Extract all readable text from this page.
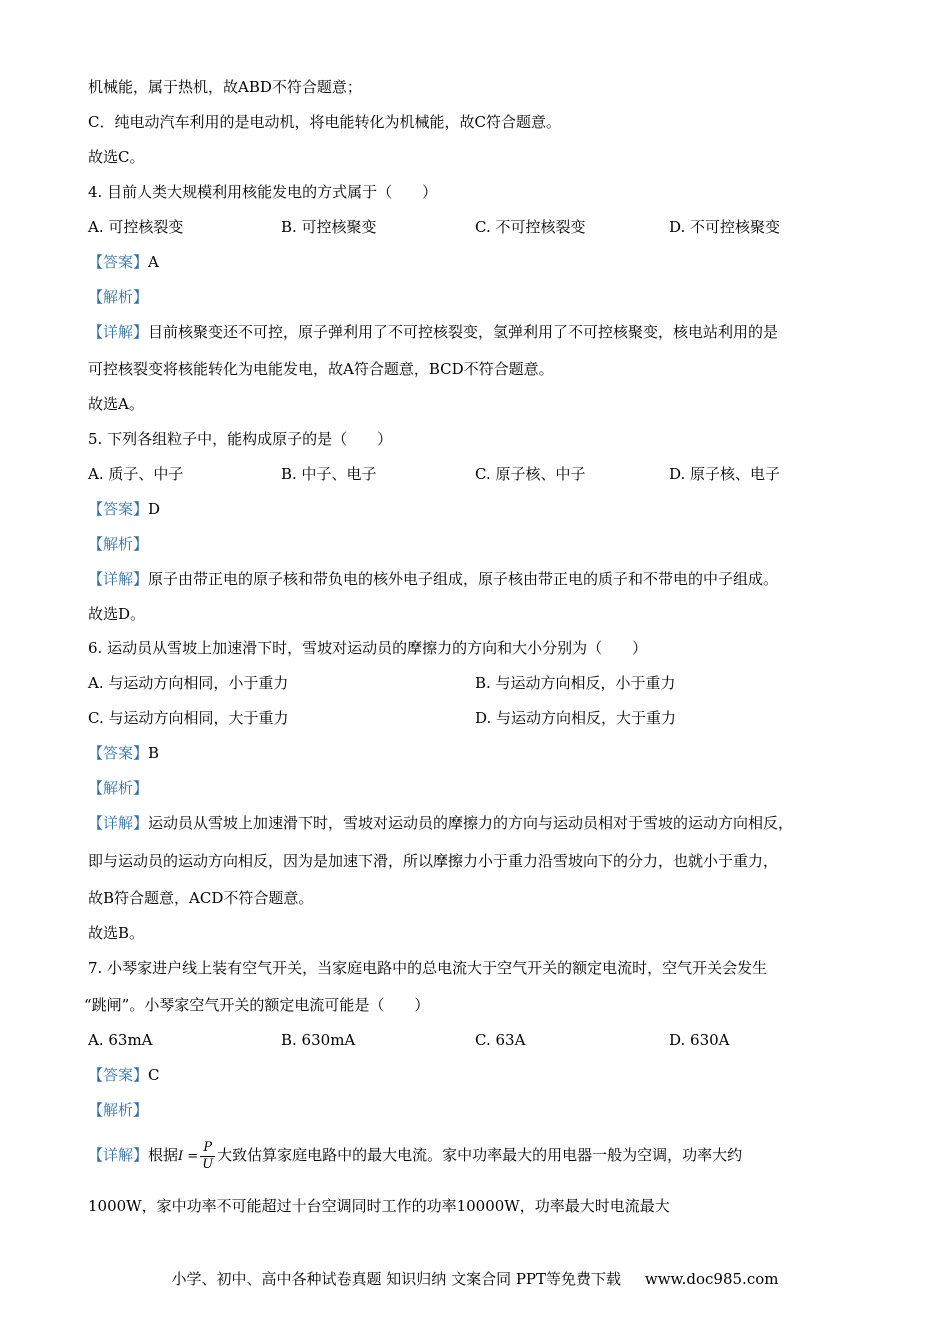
机械能，属于热机，故ABD不符合题意；
C．纯电动汽车利用的是电动机，将电能转化为机械能，故C符合题意。
故选C。
4. 目前人类大规模利用核能发电的方式属于（　　）
A. 可控核裂变	B. 可控核聚变	C. 不可控核裂变	D. 不可控核聚变
【答案】A
【解析】
【详解】目前核聚变还不可控，原子弹利用了不可控核裂变，氢弹利用了不可控核聚变，核电站利用的是
可控核裂变将核能转化为电能发电，故A符合题意，BCD不符合题意。
故选A。
5. 下列各组粒子中，能构成原子的是（　　）
A. 质子、中子	B. 中子、电子	C. 原子核、中子	D. 原子核、电子
【答案】D
【解析】
【详解】原子由带正电的原子核和带负电的核外电子组成，原子核由带正电的质子和不带电的中子组成。
故选D。
6. 运动员从雪坡上加速滑下时，雪坡对运动员的摩擦力的方向和大小分别为（　　）
A. 与运动方向相同，小于重力	B. 与运动方向相反，小于重力
C. 与运动方向相同，大于重力	D. 与运动方向相反，大于重力
【答案】B
【解析】
【详解】运动员从雪坡上加速滑下时，雪坡对运动员的摩擦力的方向与运动员相对于雪坡的运动方向相反，
即与运动员的运动方向相反，因为是加速下滑，所以摩擦力小于重力沿雪坡向下的分力，也就小于重力，
故B符合题意，ACD不符合题意。
故选B。
7. 小琴家进户线上装有空气开关，当家庭电路中的总电流大于空气开关的额定电流时，空气开关会发生
“跳闸”。小琴家空气开关的额定电流可能是（　　）
A. 63mA	B. 630mA	C. 63A	D. 630A
【答案】C
【解析】
【详解】根据$I = \frac{P}{U}$ 大致估算家庭电路中的最大电流。家中功率最大的用电器一般为空调，功率大约
1000W，家中功率不可能超过十台空调同时工作的功率10000W，功率最大时电流最大
小学、初中、高中各种试卷真题 知识归纳 文案合同 PPT等免费下载 www.doc985.com
